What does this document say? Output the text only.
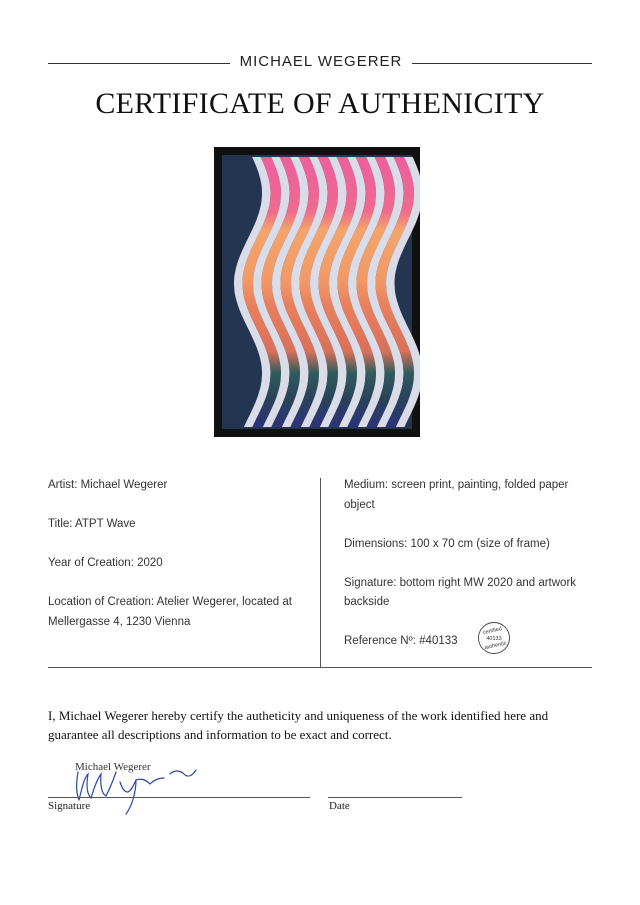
MICHAEL WEGERER
CERTIFICATE OF AUTHENICITY

Artist: Michael Wegerer

Title: ATPT Wave

Year of Creation: 2020

Location of Creation: Atelier Wegerer, located at Mellergasse 4, 1230 Vienna

Medium: screen print, painting, folded paper object

Dimensions: 100 x 70 cm (size of frame)

Signature: bottom right MW 2020 and artwork backside

Reference Nº: #40133

certified
40133
authentic
I, Michael Wegerer hereby certify the autheticity and uniqueness of the work identified here and guarantee all descriptions and information to be exact and correct.
Michael Wegerer
Signature	Date
